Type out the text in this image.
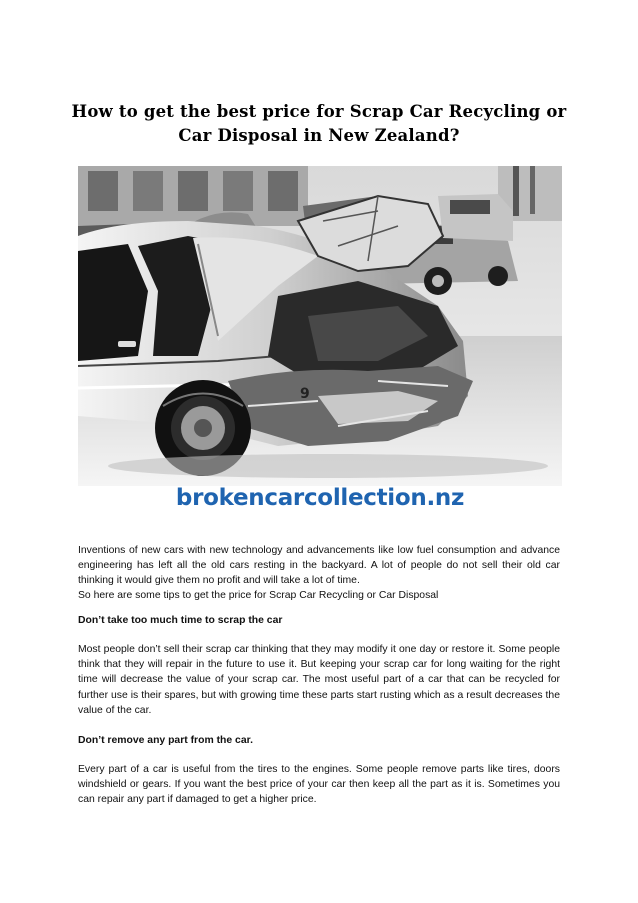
How to get the best price for Scrap Car Recycling or Car Disposal in New Zealand?
9
brokencarcollection.nz

Inventions of new cars with new technology and advancements like low fuel consumption and advance engineering has left all the old cars resting in the backyard. A lot of people do not sell their old car thinking it would give them no profit and will take a lot of time.

So here are some tips to get the price for Scrap Car Recycling or Car Disposal

Don’t take too much time to scrap the car

Most people don’t sell their scrap car thinking that they may modify it one day or restore it. Some people think that they will repair in the future to use it. But keeping your scrap car for long waiting for the right time will decrease the value of your scrap car. The most useful part of a car that can be recycled for further use is their spares, but with growing time these parts start rusting which as a result decreases the value of the car.

Don’t remove any part from the car.

Every part of a car is useful from the tires to the engines. Some people remove parts like tires, doors windshield or gears. If you want the best price of your car then keep all the part as it is. Sometimes you can repair any part if damaged to get a higher price.
